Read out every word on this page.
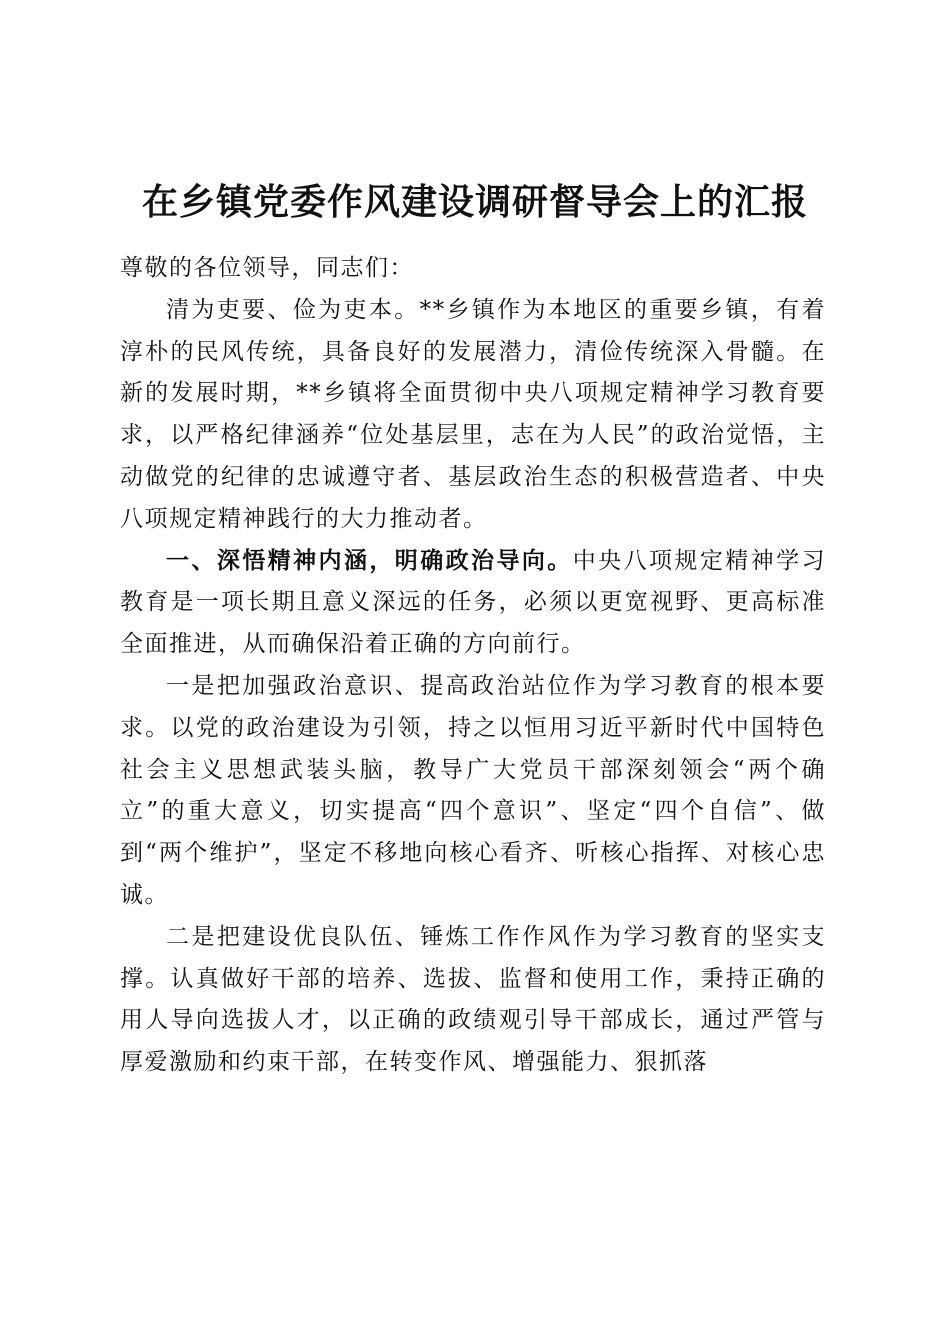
在乡镇党委作风建设调研督导会上的汇报

尊敬的各位领导，同志们：

清为吏要、俭为吏本。**乡镇作为本地区的重要乡镇，有着淳朴的民风传统，具备良好的发展潜力，清俭传统深入骨髓。在新的发展时期，**乡镇将全面贯彻中央八项规定精神学习教育要求，以严格纪律涵养“位处基层里，志在为人民”的政治觉悟，主动做党的纪律的忠诚遵守者、基层政治生态的积极营造者、中央八项规定精神践行的大力推动者。

一、深悟精神内涵，明确政治导向。中央八项规定精神学习教育是一项长期且意义深远的任务，必须以更宽视野、更高标准全面推进，从而确保沿着正确的方向前行。

一是把加强政治意识、提高政治站位作为学习教育的根本要求。以党的政治建设为引领，持之以恒用习近平新时代中国特色社会主义思想武装头脑，教导广大党员干部深刻领会“两个确立”的重大意义，切实提高“四个意识”、坚定“四个自信”、做到“两个维护”，坚定不移地向核心看齐、听核心指挥、对核心忠诚。

二是把建设优良队伍、锤炼工作作风作为学习教育的坚实支撑。认真做好干部的培养、选拔、监督和使用工作，秉持正确的用人导向选拔人才，以正确的政绩观引导干部成长，通过严管与厚爱激励和约束干部，在转变作风、增强能力、狠抓落
